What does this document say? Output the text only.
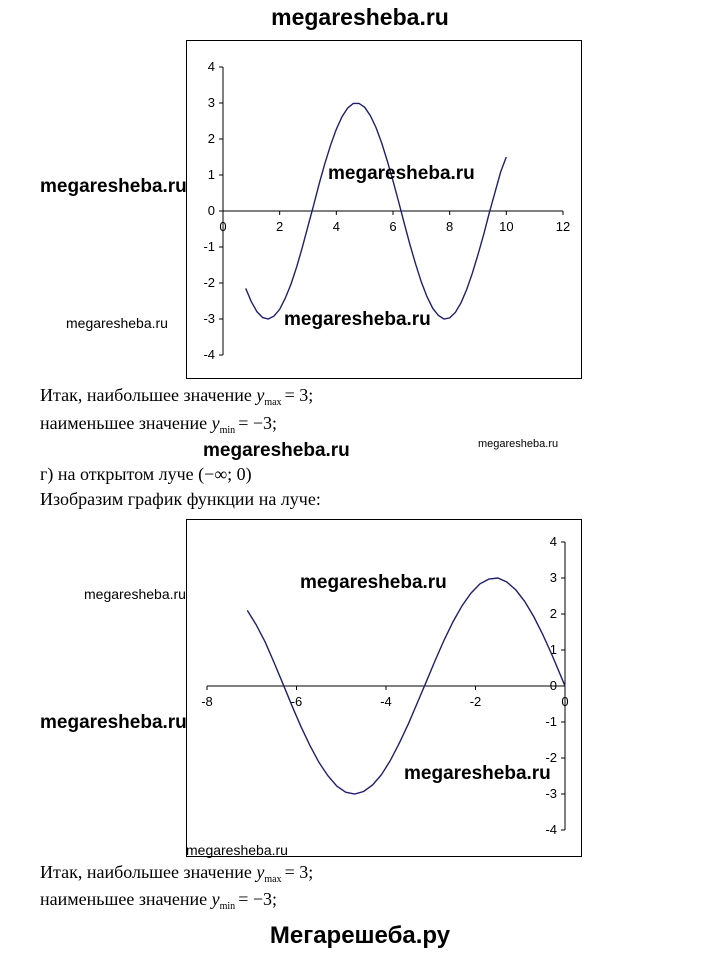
megaresheba.ru
4
3
2
1
0
-1
-2
-3
-4
0	2	4	6	8	10	12
megaresheba.ru
megaresheba.ru
megaresheba.ru	megaresheba.ru
Итак, наибольшее значение $y_{max} = 3$;
наименьшее значение $y_{min} = -3$;
megaresheba.ru	megaresheba.ru
г) на открытом луче (−∞; 0)
Изобразим график функции на луче:
4
3
2
1
0
-1
-2
-3
-4
-8	-6	-4	-2	0
megaresheba.ru
megaresheba.ru
megaresheba.ru
megaresheba.ru
megaresheba.ru
Итак, наибольшее значение $y_{max} = 3$;
наименьшее значение $y_{min} = -3$;
Мегарешеба.ру
